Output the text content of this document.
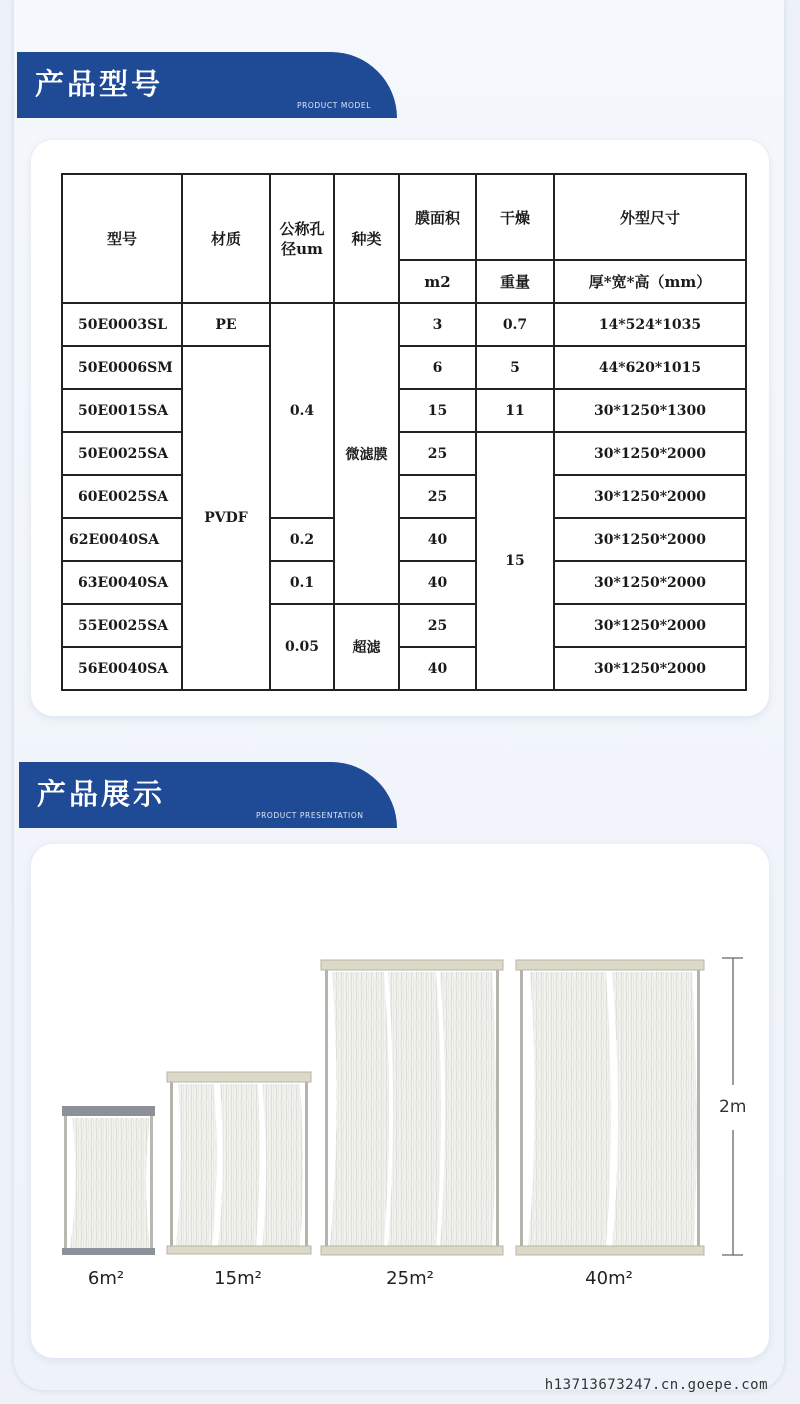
产品型号
PRODUCT MODEL
型号	材质	公称孔径um	种类	膜面积	干燥	外型尺寸
				m2	重量	厚*宽*高（mm）
50E0003SL	PE	0.4	微滤膜	3	0.7	14*524*1035
50E0006SM	PVDF			6	5	44*620*1015
50E0015SA				15	11	30*1250*1300
50E0025SA				25	15	30*1250*2000
60E0025SA				25		30*1250*2000
62E0040SA		0.2		40		30*1250*2000
63E0040SA		0.1		40		30*1250*2000
55E0025SA		0.05	超滤	25		30*1250*2000
56E0040SA				40		30*1250*2000
产品展示
PRODUCT PRESENTATION
6m²	15m²	25m²	40m²
2m
h13713673247.cn.goepe.com
